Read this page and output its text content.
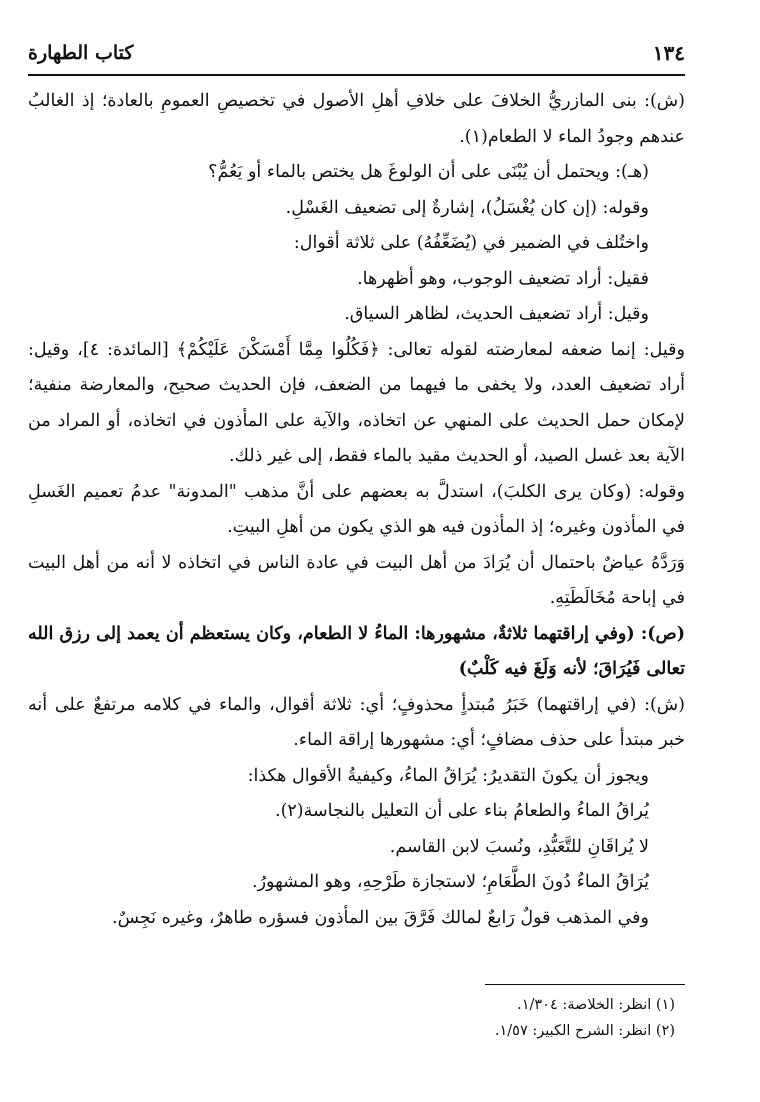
١٣٤
كتاب الطهارة

(ش): بنى المازريُّ الخلافَ على خلافِ أهلِ الأصول في تخصيصِ العمومِ بالعادة؛ إذ الغالبُ عندهم وجودُ الماء لا الطعام(١).

(هـ): ويحتمل أن يُبْنَى على أن الولوغَ هل يختص بالماء أو يَعُمُّ؟

وقوله: (إن كان يُغْسَلُ)، إشارةٌ إلى تضعيف الغَسْلِ.

واختُلف في الضمير في (يُضَعِّفُهُ) على ثلاثة أقوال:

فقيل: أراد تضعيف الوجوب، وهو أظهرها.

وقيل: أراد تضعيف الحديث، لظاهر السياق.

وقيل: إنما ضعفه لمعارضته لقوله تعالى: ﴿فَكُلُوا مِمَّا أَمْسَكْنَ عَلَيْكُمْ﴾ [المائدة: ٤]، وقيل: أراد تضعيف العدد، ولا يخفى ما فيهما من الضعف، فإن الحديث صحيح، والمعارضة منفية؛ لإمكان حمل الحديث على المنهي عن اتخاذه، والآية على المأذون في اتخاذه، أو المراد من الآية بعد غسل الصيد، أو الحديث مقيد بالماء فقط، إلى غير ذلك.

وقوله: (وكان يرى الكلبَ)، استدلَّ به بعضهم على أنَّ مذهب "المدونة" عدمُ تعميم الغَسلِ في المأذون وغيره؛ إذ المأذون فيه هو الذي يكون من أهلِ البيتِ.

وَرَدَّهُ عياضٌ باحتمال أن يُرَادَ من أهل البيت في عادة الناس في اتخاذه لا أنه من أهل البيت في إباحة مُخَالَطَتِهِ.

(ص): (وفي إراقتهما ثلاثةٌ، مشهورها: الماءُ لا الطعام، وكان يستعظم أن يعمد إلى رزق الله تعالى فَيُرَاقَ؛ لأنه وَلَغَ فيه كَلْبٌ)

(ش): (في إراقتهما) خَبَرُ مُبتدأٍ محذوفٍ؛ أي: ثلاثة أقوال، والماء في كلامه مرتفعٌ على أنه خبر مبتدأ على حذف مضافٍ؛ أي: مشهورها إراقة الماء.

ويجوز أن يكونَ التقديرُ: يُرَاقُ الماءُ، وكيفيةُ الأقوال هكذا:

يُراقُ الماءُ والطعامُ بناء على أن التعليل بالنجاسة(٢).

لا يُراقَانِ للتَّعَبُّدِ، ونُسبَ لابن القاسم.

يُرَاقُ الماءُ دُونَ الطَّعَامِ؛ لاستجازة طَرْحِهِ، وهو المشهورُ.

وفي المذهب قولٌ رَابعٌ لمالك فَرَّقَ بين المأذون فسؤره طاهرٌ، وغيره نَجِسٌ.

(١) انظر: الخلاصة: ١/٣٠٤.

(٢) انظر: الشرح الكبير: ١/٥٧.
